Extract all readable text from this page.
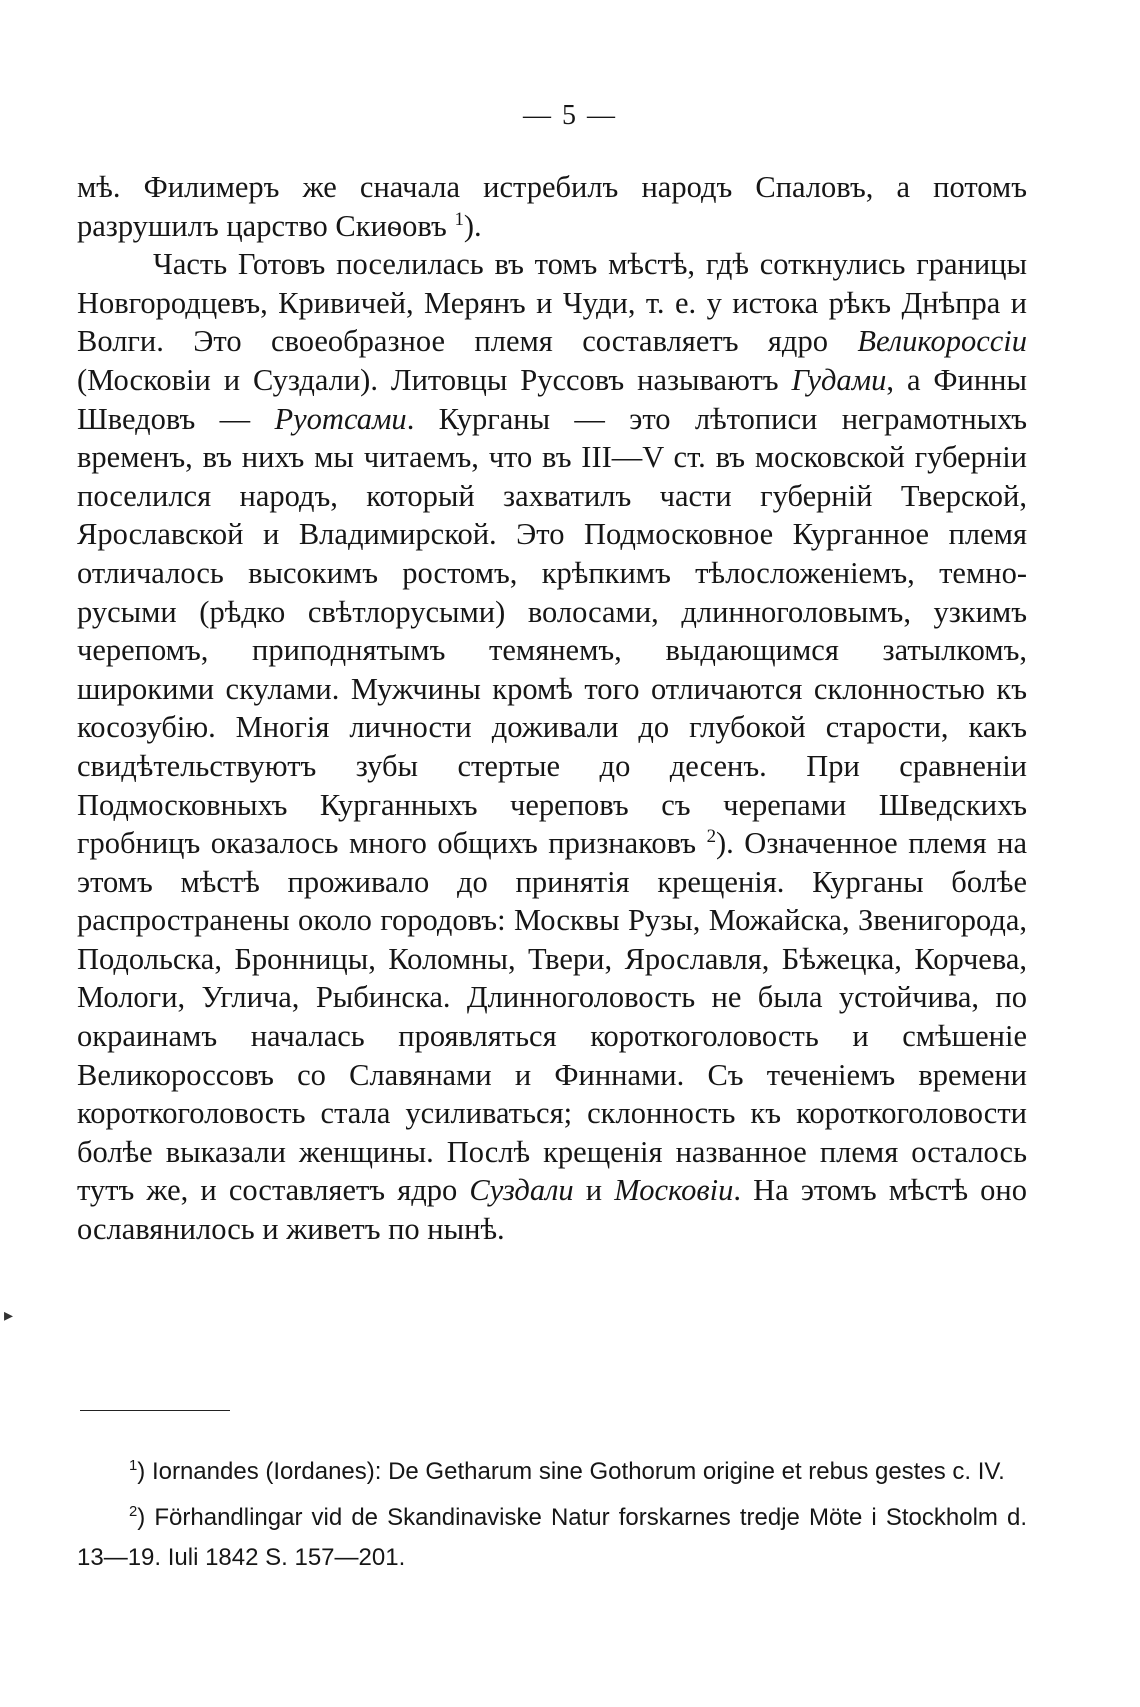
— 5 —
▸

мѣ. Филимеръ же сначала истребилъ народъ Спаловъ, а потомъ разрушилъ царство Скиѳовъ $^1$).

Часть Готовъ поселилась въ томъ мѣстѣ, гдѣ соткнулись границы Новгородцевъ, Кривичей, Мерянъ и Чуди, т. е. у истока рѣкъ Днѣпра и Волги. Это своеобразное племя составляетъ ядро Великороссіи (Московіи и Суздали). Литовцы Руссовъ называютъ Гудами, а Финны Шведовъ — Руотсами. Курганы — это лѣтописи неграмотныхъ временъ, въ нихъ мы читаемъ, что въ III—V ст. въ московской губерніи поселился народъ, который захватилъ части губерній Тверской, Ярославской и Владимирской. Это Подмосковное Курганное племя отличалось высокимъ ростомъ, крѣпкимъ тѣлосложеніемъ, темно-русыми (рѣдко свѣтлорусыми) волосами, длинноголовымъ, узкимъ черепомъ, приподнятымъ темянемъ, выдающимся затылкомъ, широкими скулами. Мужчины кромѣ того отличаются склонностью къ косозубію. Многія личности доживали до глубокой старости, какъ свидѣтельствуютъ зубы стертые до десенъ. При сравненіи Подмосковныхъ Курганныхъ череповъ съ черепами Шведскихъ гробницъ оказалось много общихъ признаковъ $^2$). Означенное племя на этомъ мѣстѣ проживало до принятія крещенія. Курганы болѣе распространены около городовъ: Москвы Рузы, Можайска, Звенигорода, Подольска, Бронницы, Коломны, Твери, Ярославля, Бѣжецка, Корчева, Мологи, Углича, Рыбинска. Длинноголовость не была устойчива, по окраинамъ началась проявляться короткоголовость и смѣшеніе Великороссовъ со Славянами и Финнами. Съ теченіемъ времени короткоголовость стала усиливаться; склонность къ короткоголовости болѣе выказали женщины. Послѣ крещенія названное племя осталось тутъ же, и составляетъ ядро Суздали и Московіи. На этомъ мѣстѣ оно ославянилось и живетъ по нынѣ.

$^1$) Iornandes (Iordanes): De Getharum sine Gothorum origine et rebus gestes c. IV.

$^2$) Förhandlingar vid de Skandinaviske Natur forskarnes tredje Möte i Stockholm d. 13—19. Iuli 1842 S. 157—201.
